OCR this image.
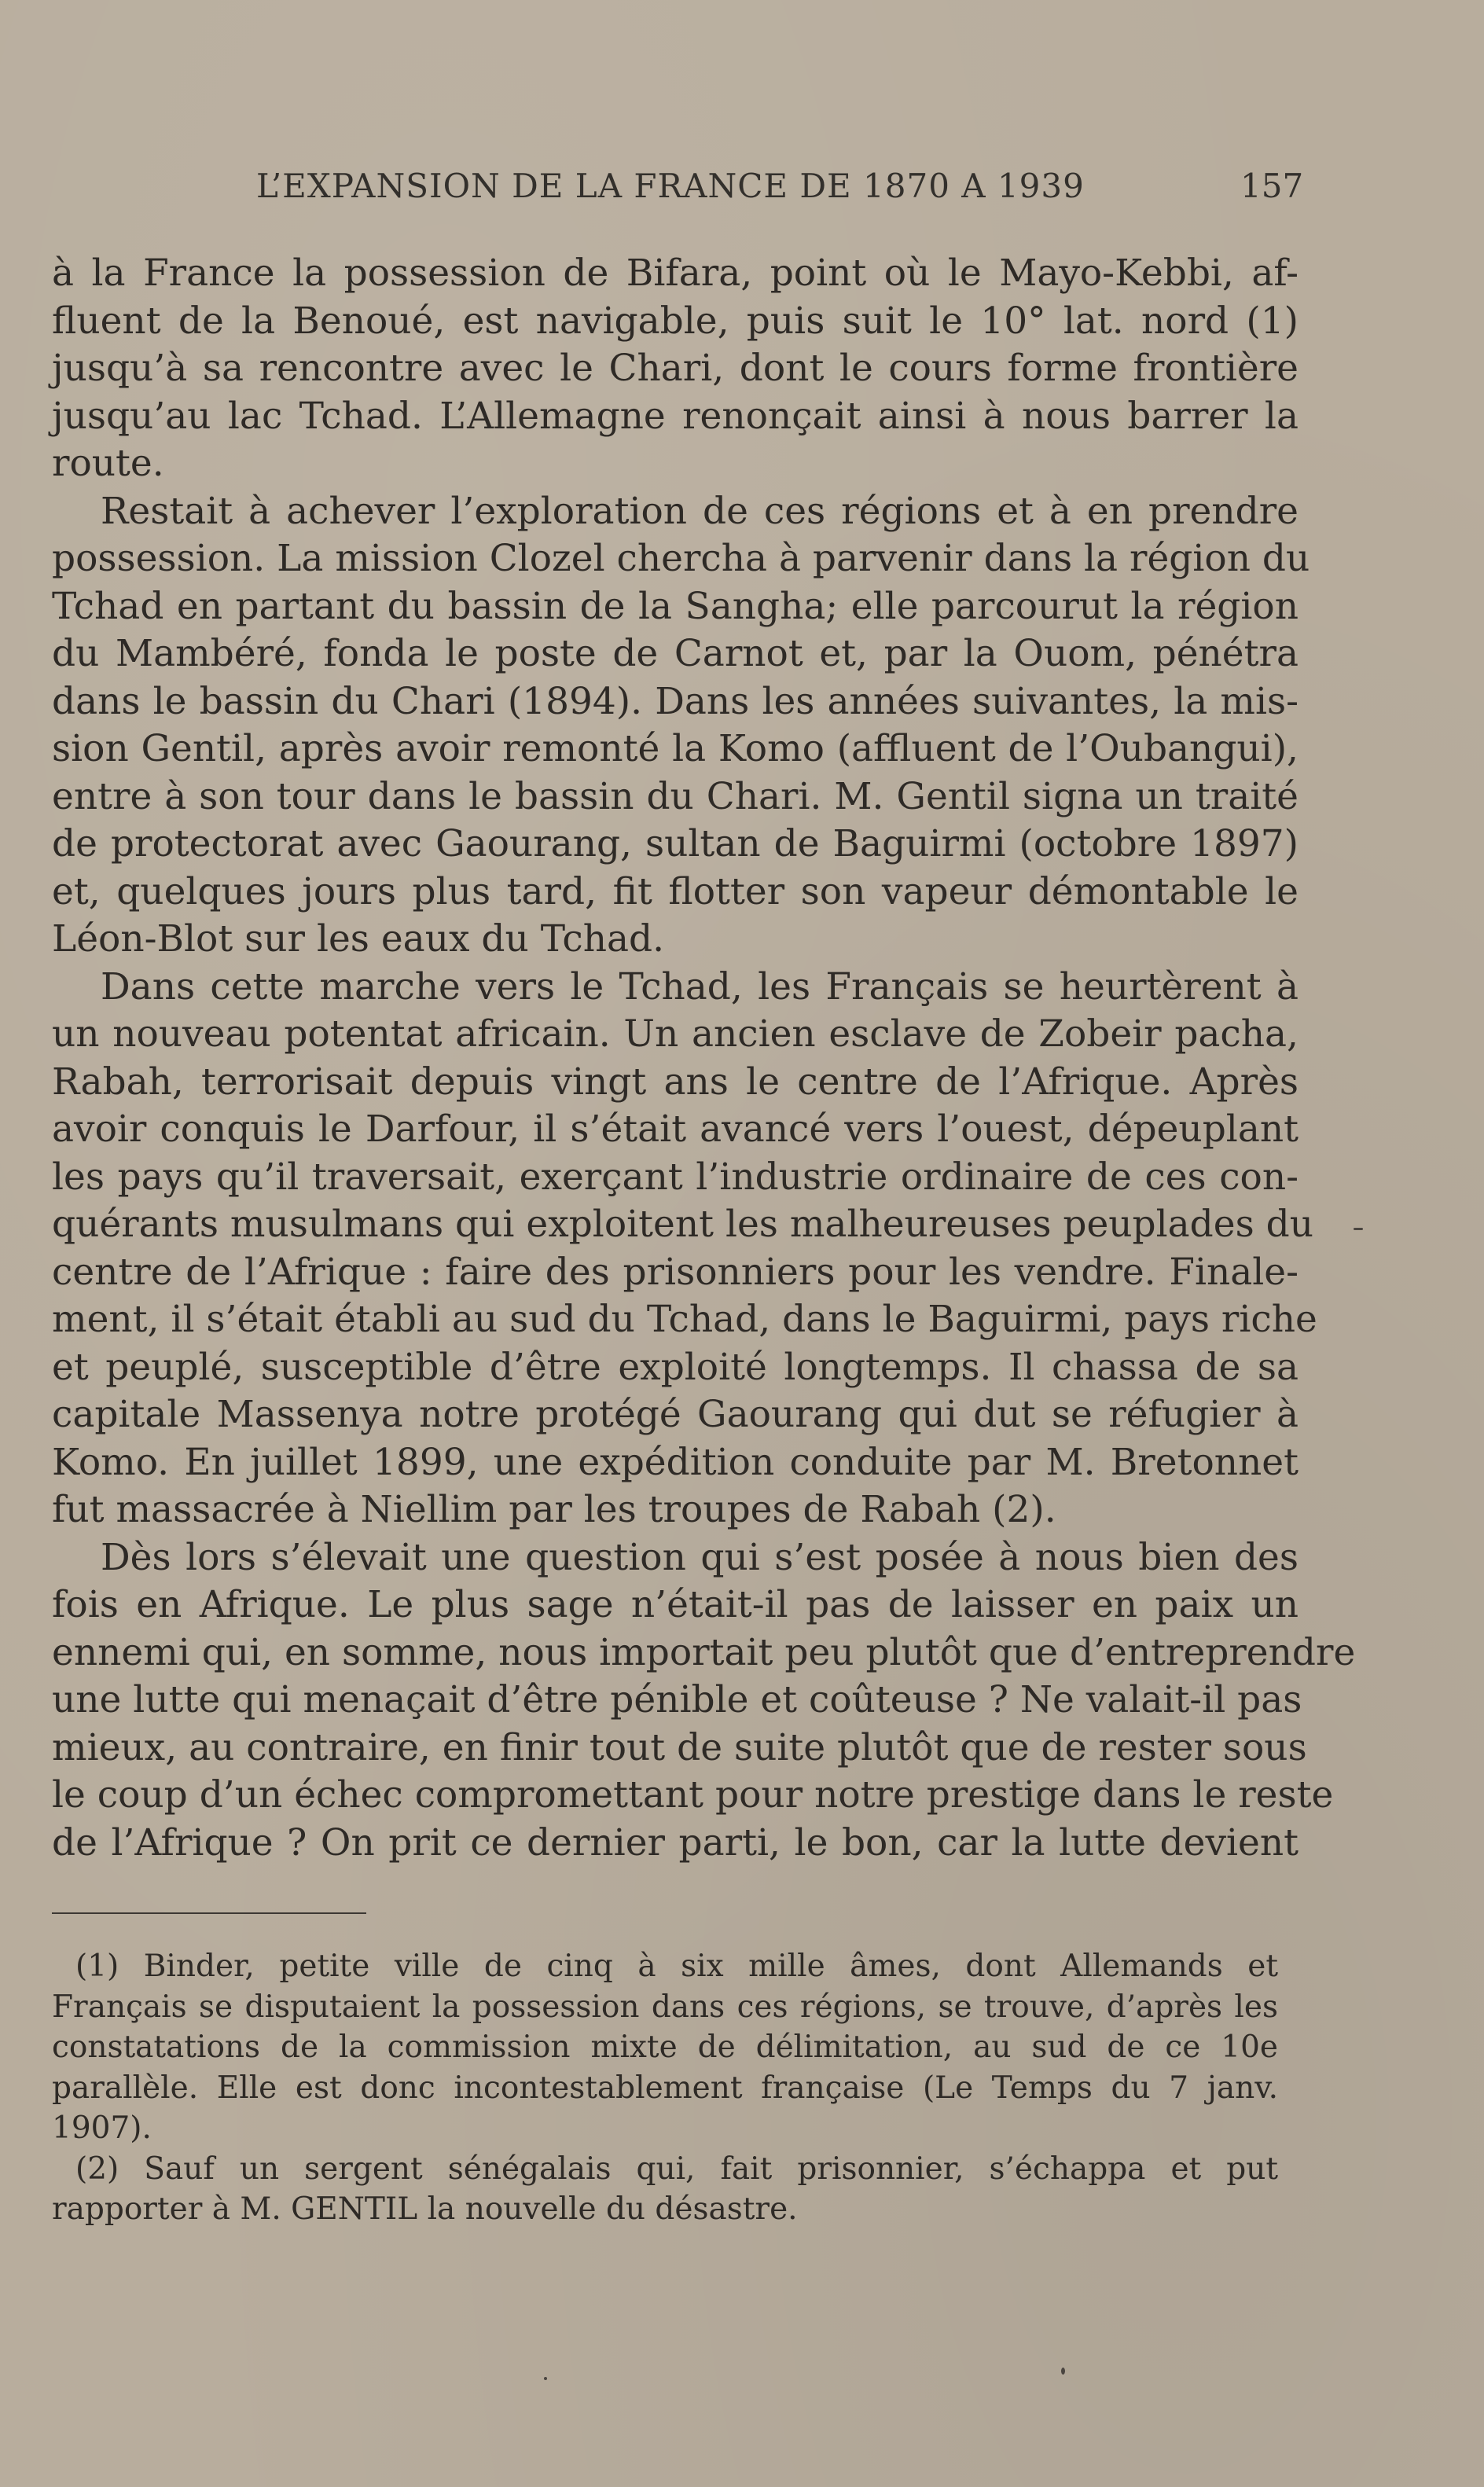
L’EXPANSION DE LA FRANCE DE 1870 A 1939	157
à la France la possession de Bifara, point où le Mayo-Kebbi, af-
fluent de la Benoué, est navigable, puis suit le 10° lat. nord (1)
jusqu’à sa rencontre avec le Chari, dont le cours forme frontière
jusqu’au lac Tchad. L’Allemagne renonçait ainsi à nous barrer la
route.
Restait à achever l’exploration de ces régions et à en prendre
possession. La mission Clozel chercha à parvenir dans la région du
Tchad en partant du bassin de la Sangha; elle parcourut la région
du Mambéré, fonda le poste de Carnot et, par la Ouom, pénétra
dans le bassin du Chari (1894). Dans les années suivantes, la mis-
sion Gentil, après avoir remonté la Komo (affluent de l’Oubangui),
entre à son tour dans le bassin du Chari. M. Gentil signa un traité
de protectorat avec Gaourang, sultan de Baguirmi (octobre 1897)
et, quelques jours plus tard, fit flotter son vapeur démontable le
Léon-Blot sur les eaux du Tchad.
Dans cette marche vers le Tchad, les Français se heurtèrent à
un nouveau potentat africain. Un ancien esclave de Zobeir pacha,
Rabah, terrorisait depuis vingt ans le centre de l’Afrique. Après
avoir conquis le Darfour, il s’était avancé vers l’ouest, dépeuplant
les pays qu’il traversait, exerçant l’industrie ordinaire de ces con-
quérants musulmans qui exploitent les malheureuses peuplades du
centre de l’Afrique : faire des prisonniers pour les vendre. Finale-
ment, il s’était établi au sud du Tchad, dans le Baguirmi, pays riche
et peuplé, susceptible d’être exploité longtemps. Il chassa de sa
capitale Massenya notre protégé Gaourang qui dut se réfugier à
Komo. En juillet 1899, une expédition conduite par M. Bretonnet
fut massacrée à Niellim par les troupes de Rabah (2).
Dès lors s’élevait une question qui s’est posée à nous bien des
fois en Afrique. Le plus sage n’était-il pas de laisser en paix un
ennemi qui, en somme, nous importait peu plutôt que d’entreprendre
une lutte qui menaçait d’être pénible et coûteuse ? Ne valait-il pas
mieux, au contraire, en finir tout de suite plutôt que de rester sous
le coup d’un échec compromettant pour notre prestige dans le reste
de l’Afrique ? On prit ce dernier parti, le bon, car la lutte devient
(1) Binder, petite ville de cinq à six mille âmes, dont Allemands et
Français se disputaient la possession dans ces régions, se trouve, d’après les
constatations de la commission mixte de délimitation, au sud de ce 10e
parallèle. Elle est donc incontestablement française (Le Temps du 7 janv.
1907).
(2) Sauf un sergent sénégalais qui, fait prisonnier, s’échappa et put
rapporter à M. GENTIL la nouvelle du désastre.
